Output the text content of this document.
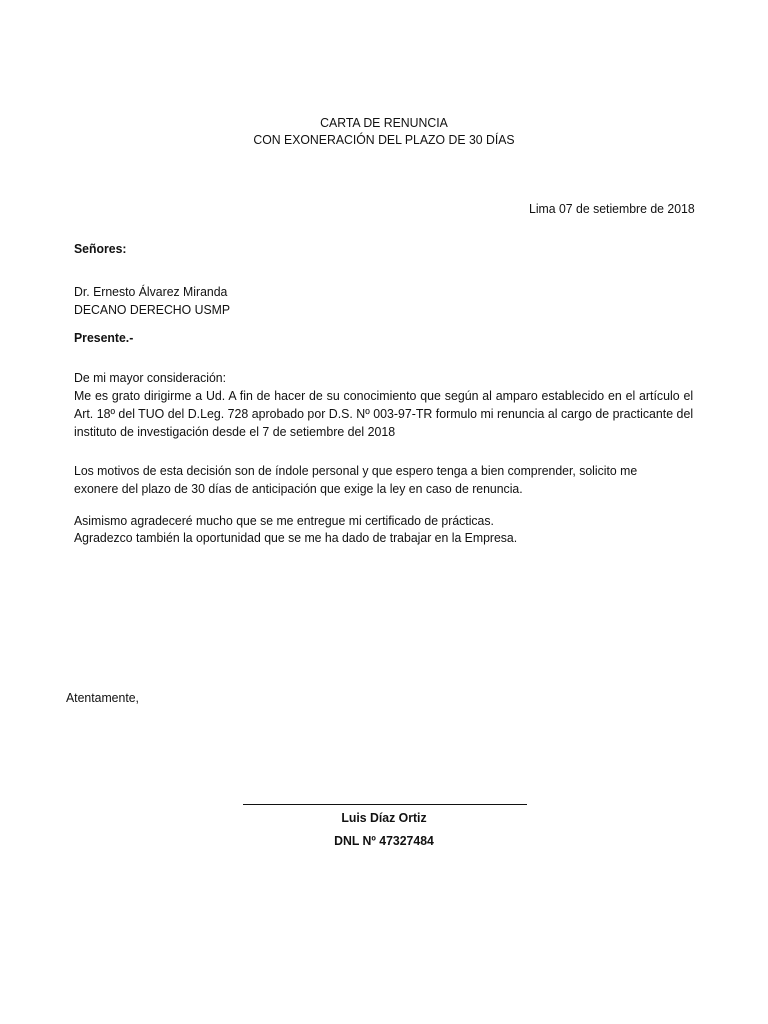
CARTA DE RENUNCIA
CON EXONERACIÓN DEL PLAZO DE 30 DÍAS
Lima 07 de setiembre de 2018
Señores:
Dr. Ernesto Álvarez Miranda
DECANO DERECHO USMP
Presente.-
De mi mayor consideración:
Me es grato dirigirme a Ud. A fin de hacer de su conocimiento que según al amparo establecido en el artículo el Art. 18º del TUO del D.Leg. 728 aprobado por D.S. Nº 003-97-TR formulo mi renuncia al cargo de practicante del instituto de investigación desde el 7 de setiembre del 2018
Los motivos de esta decisión son de índole personal y que espero tenga a bien comprender, solicito me
exonere del plazo de 30 días de anticipación que exige la ley en caso de renuncia.
Asimismo agradeceré mucho que se me entregue mi certificado de prácticas.
Agradezco también la oportunidad que se me ha dado de trabajar en la Empresa.
Atentamente,
Luis Díaz Ortiz
DNL Nº 47327484
